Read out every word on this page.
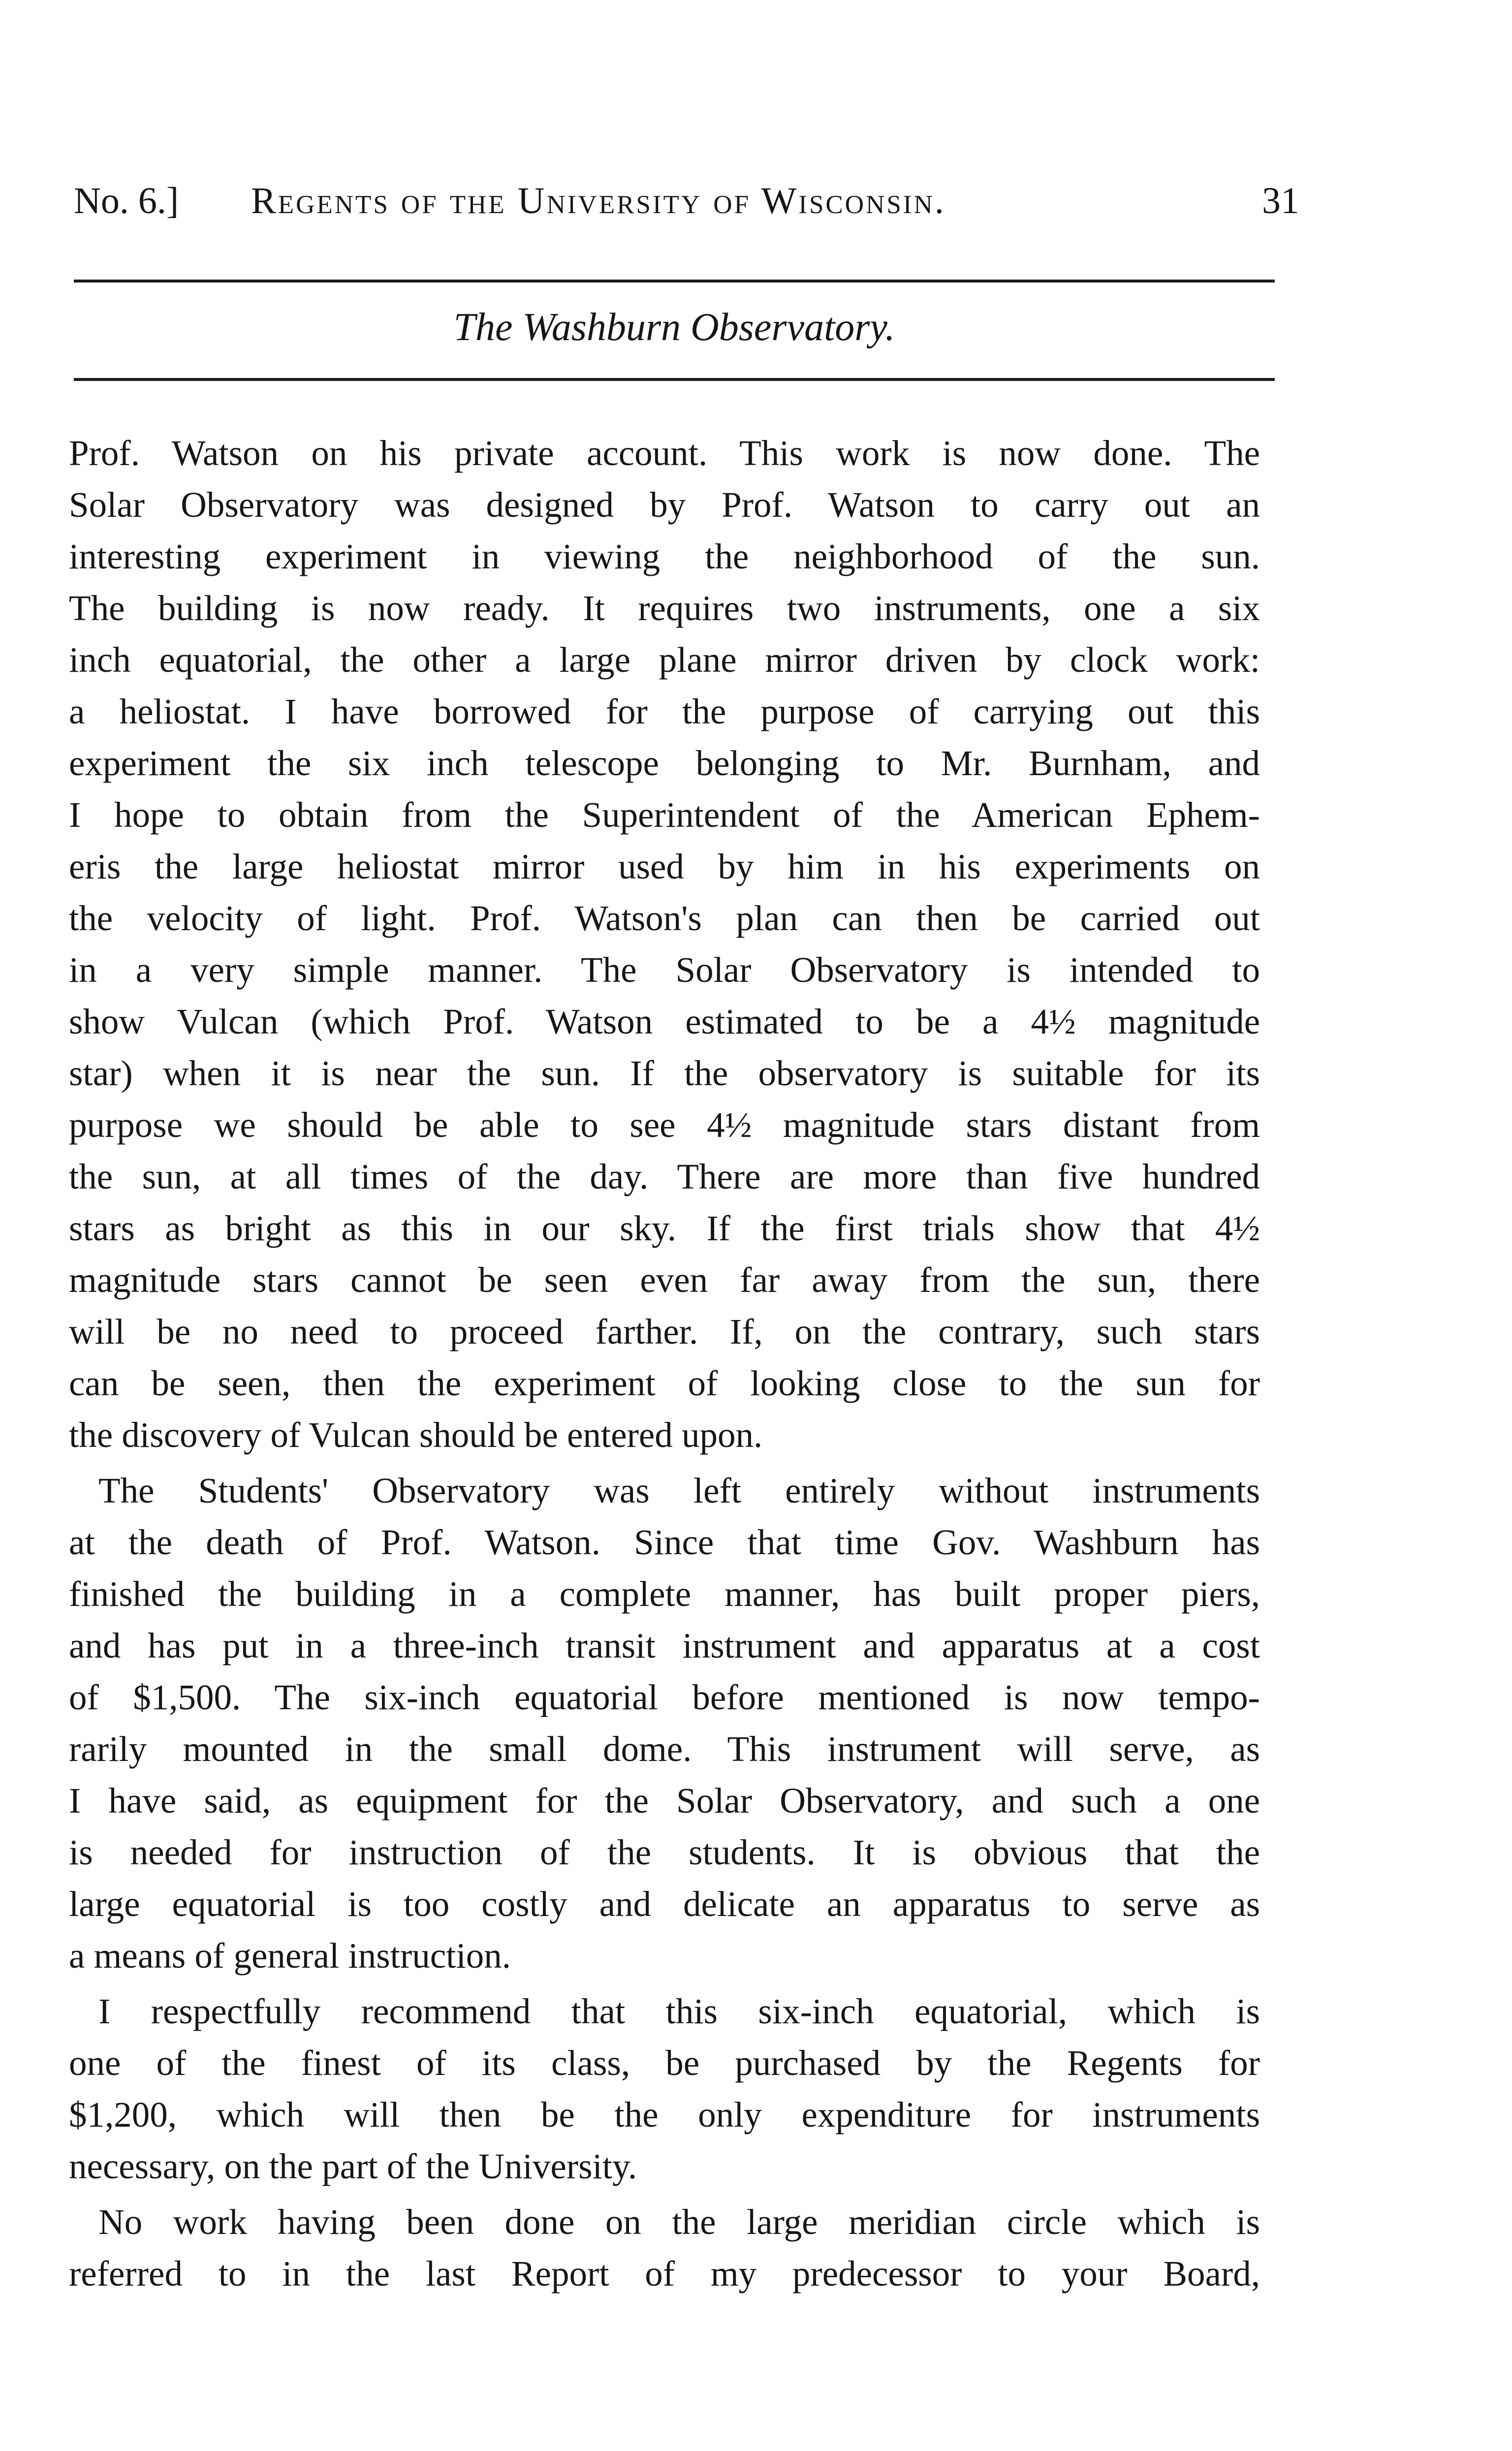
No. 6.] Regents of the University of Wisconsin.	31
The Washburn Observatory.
Prof. Watson on his private account. This work is now done. The
Solar Observatory was designed by Prof. Watson to carry out an
interesting experiment in viewing the neighborhood of the sun.
The building is now ready. It requires two instruments, one a six
inch equatorial, the other a large plane mirror driven by clock work:
a heliostat. I have borrowed for the purpose of carrying out this
experiment the six inch telescope belonging to Mr. Burnham, and
I hope to obtain from the Superintendent of the American Ephem-
eris the large heliostat mirror used by him in his experiments on
the velocity of light. Prof. Watson's plan can then be carried out
in a very simple manner. The Solar Observatory is intended to
show Vulcan (which Prof. Watson estimated to be a 4½ magnitude
star) when it is near the sun. If the observatory is suitable for its
purpose we should be able to see 4½ magnitude stars distant from
the sun, at all times of the day. There are more than five hundred
stars as bright as this in our sky. If the first trials show that 4½
magnitude stars cannot be seen even far away from the sun, there
will be no need to proceed farther. If, on the contrary, such stars
can be seen, then the experiment of looking close to the sun for
the discovery of Vulcan should be entered upon.
The Students' Observatory was left entirely without instruments
at the death of Prof. Watson. Since that time Gov. Washburn has
finished the building in a complete manner, has built proper piers,
and has put in a three-inch transit instrument and apparatus at a cost
of $1,500. The six-inch equatorial before mentioned is now tempo-
rarily mounted in the small dome. This instrument will serve, as
I have said, as equipment for the Solar Observatory, and such a one
is needed for instruction of the students. It is obvious that the
large equatorial is too costly and delicate an apparatus to serve as
a means of general instruction.
I respectfully recommend that this six-inch equatorial, which is
one of the finest of its class, be purchased by the Regents for
$1,200, which will then be the only expenditure for instruments
necessary, on the part of the University.
No work having been done on the large meridian circle which is
referred to in the last Report of my predecessor to your Board,
